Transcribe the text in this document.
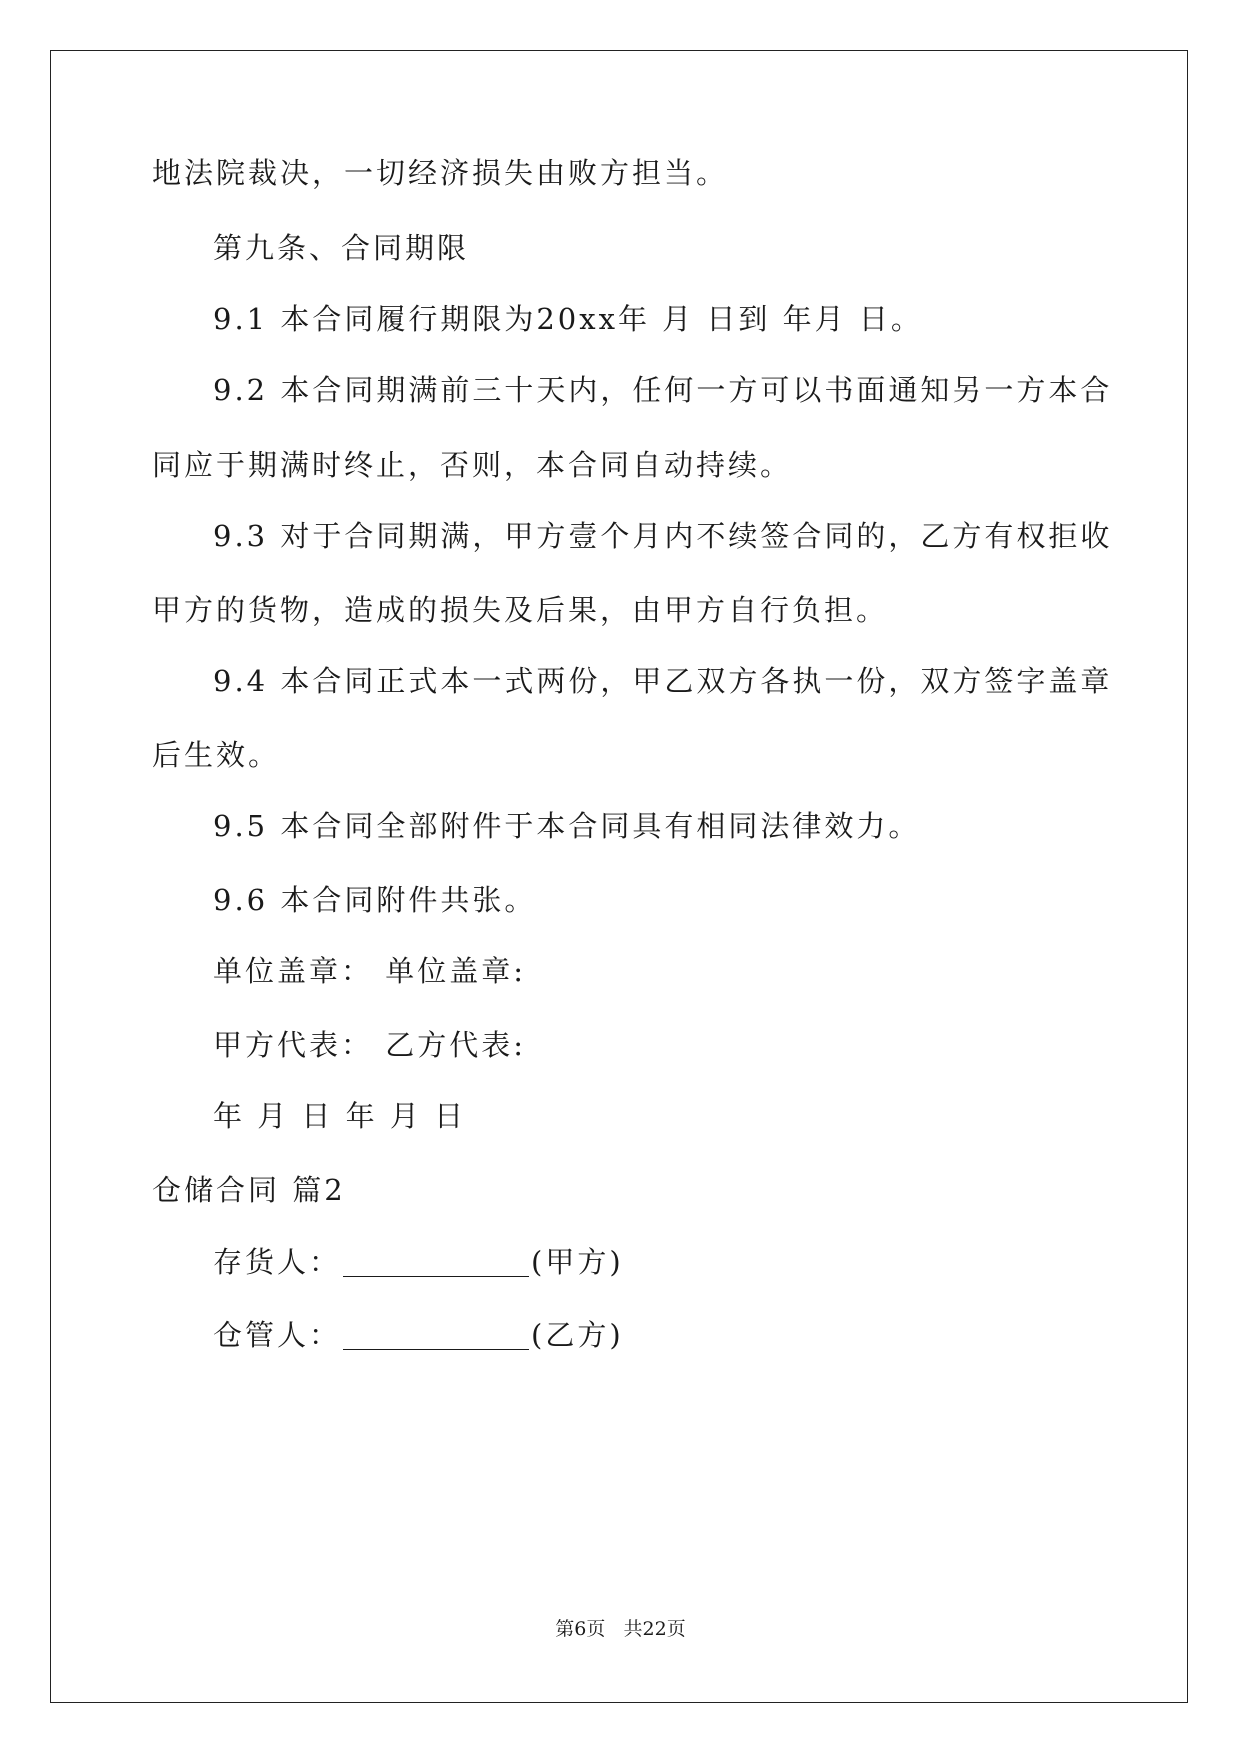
地法院裁决，一切经济损失由败方担当。
第九条、合同期限
9.1 本合同履行期限为20xx年 月 日到 年月 日。
9.2 本合同期满前三十天内，任何一方可以书面通知另一方本合
同应于期满时终止，否则，本合同自动持续。
9.3 对于合同期满，甲方壹个月内不续签合同的，乙方有权拒收
甲方的货物，造成的损失及后果，由甲方自行负担。
9.4 本合同正式本一式两份，甲乙双方各执一份，双方签字盖章
后生效。
9.5 本合同全部附件于本合同具有相同法律效力。
9.6 本合同附件共张。
单位盖章： 单位盖章:
甲方代表： 乙方代表:
年 月 日 年 月 日
仓储合同 篇2
存货人：	(甲方)
仓管人：	(乙方)
第6页   共22页
